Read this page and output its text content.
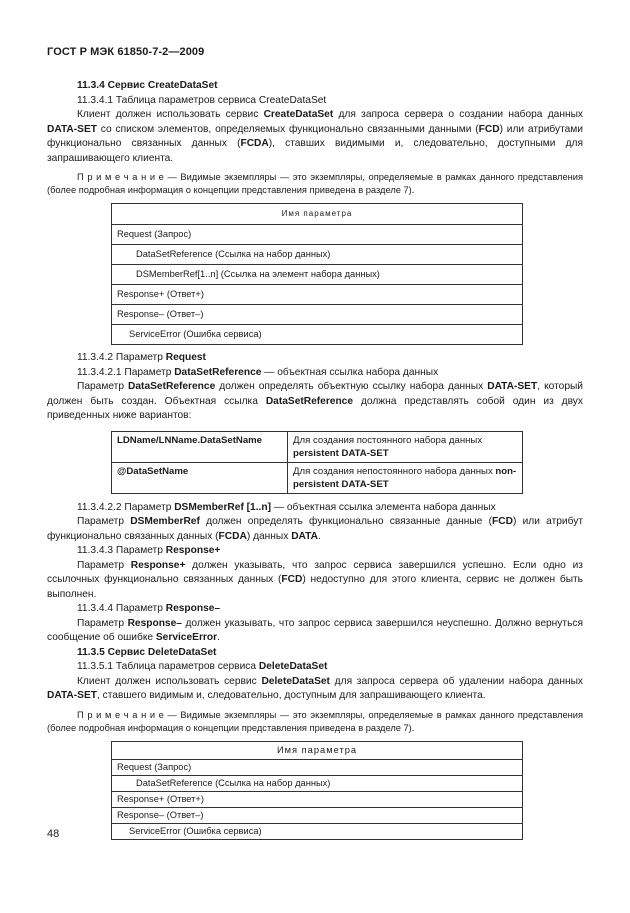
ГОСТ Р МЭК 61850-7-2—2009

11.3.4 Сервис CreateDataSet

11.3.4.1 Таблица параметров сервиса CreateDataSet

Клиент должен использовать сервис CreateDataSet для запроса сервера о создании набора данных DATA-SET со списком элементов, определяемых функционально связанными данными (FCD) или атрибутами функционально связанных данных (FCDA), ставших видимыми и, следовательно, доступными для запрашивающего клиента.

П р и м е ч а н и е — Видимые экземпляры — это экземпляры, определяемые в рамках данного представления (более подробная информация о концепции представления приведена в разделе 7).

Имя параметра
Request (Запрос)
DataSetReference (Ссылка на набор данных)
DSMemberRef[1..n] (Ссылка на элемент набора данных)
Response+ (Ответ+)
Response– (Ответ–)
ServiceError (Ошибка сервиса)

11.3.4.2 Параметр Request

11.3.4.2.1 Параметр DataSetReference — объектная ссылка набора данных

Параметр DataSetReference должен определять объектную ссылку набора данных DATA-SET, который должен быть создан. Объектная ссылка DataSetReference должна представлять собой один из двух приведенных ниже вариантов:

LDName/LNName.DataSetName	Для создания постоянного набора данных persistent DATA-SET
@DataSetName	Для создания непостоянного набора данных non-persistent DATA-SET

11.3.4.2.2 Параметр DSMemberRef [1..n] — объектная ссылка элемента набора данных

Параметр DSMemberRef должен определять функционально связанные данные (FCD) или атрибут функционально связанных данных (FCDA) данных DATA.

11.3.4.3 Параметр Response+

Параметр Response+ должен указывать, что запрос сервиса завершился успешно. Если одно из ссылочных функционально связанных данных (FCD) недоступно для этого клиента, сервис не должен быть выполнен.

11.3.4.4 Параметр Response–

Параметр Response– должен указывать, что запрос сервиса завершился неуспешно. Должно вернуться сообщение об ошибке ServiceError.

11.3.5 Сервис DeleteDataSet

11.3.5.1 Таблица параметров сервиса DeleteDataSet

Клиент должен использовать сервис DeleteDataSet для запроса сервера об удалении набора данных DATA-SET, ставшего видимым и, следовательно, доступным для запрашивающего клиента.

П р и м е ч а н и е — Видимые экземпляры — это экземпляры, определяемые в рамках данного представления (более подробная информация о концепции представления приведена в разделе 7).

Имя параметра
Request (Запрос)
DataSetReference (Ссылка на набор данных)
Response+ (Ответ+)
Response– (Ответ–)
ServiceError (Ошибка сервиса)
48
